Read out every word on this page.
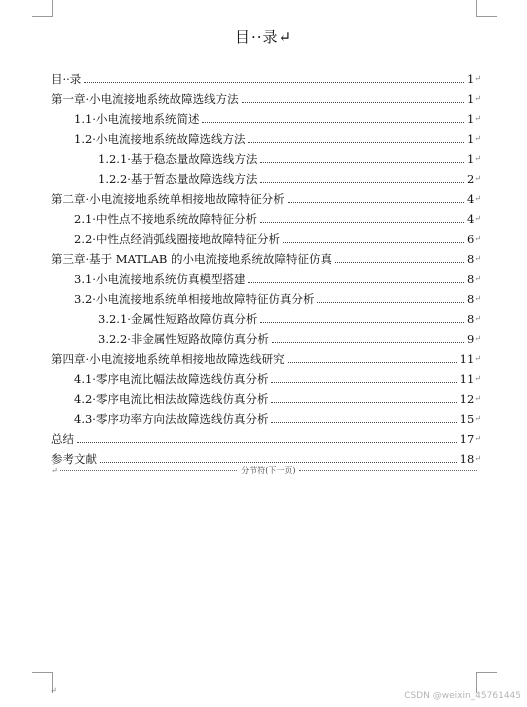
目··录↵
目··录	1 ↵
第一章·小电流接地系统故障选线方法	1 ↵
1.1·小电流接地系统简述	1 ↵
1.2·小电流接地系统故障选线方法	1 ↵
1.2.1·基于稳态量故障选线方法	1 ↵
1.2.2·基于暂态量故障选线方法	2 ↵
第二章·小电流接地系统单相接地故障特征分析	4 ↵
2.1·中性点不接地系统故障特征分析	4 ↵
2.2·中性点经消弧线圈接地故障特征分析	6 ↵
第三章·基于 MATLAB 的小电流接地系统故障特征仿真	8 ↵
3.1·小电流接地系统仿真模型搭建	8 ↵
3.2·小电流接地系统单相接地故障特征仿真分析	8 ↵
3.2.1·金属性短路故障仿真分析	8 ↵
3.2.2·非金属性短路故障仿真分析	9 ↵
第四章·小电流接地系统单相接地故障选线研究	11 ↵
4.1·零序电流比幅法故障选线仿真分析	11 ↵
4.2·零序电流比相法故障选线仿真分析	12 ↵
4.3·零序功率方向法故障选线仿真分析	15 ↵
总结	17 ↵
参考文献	18 ↵
↵	分节符(下一页)
↵
CSDN @weixin_45761445
